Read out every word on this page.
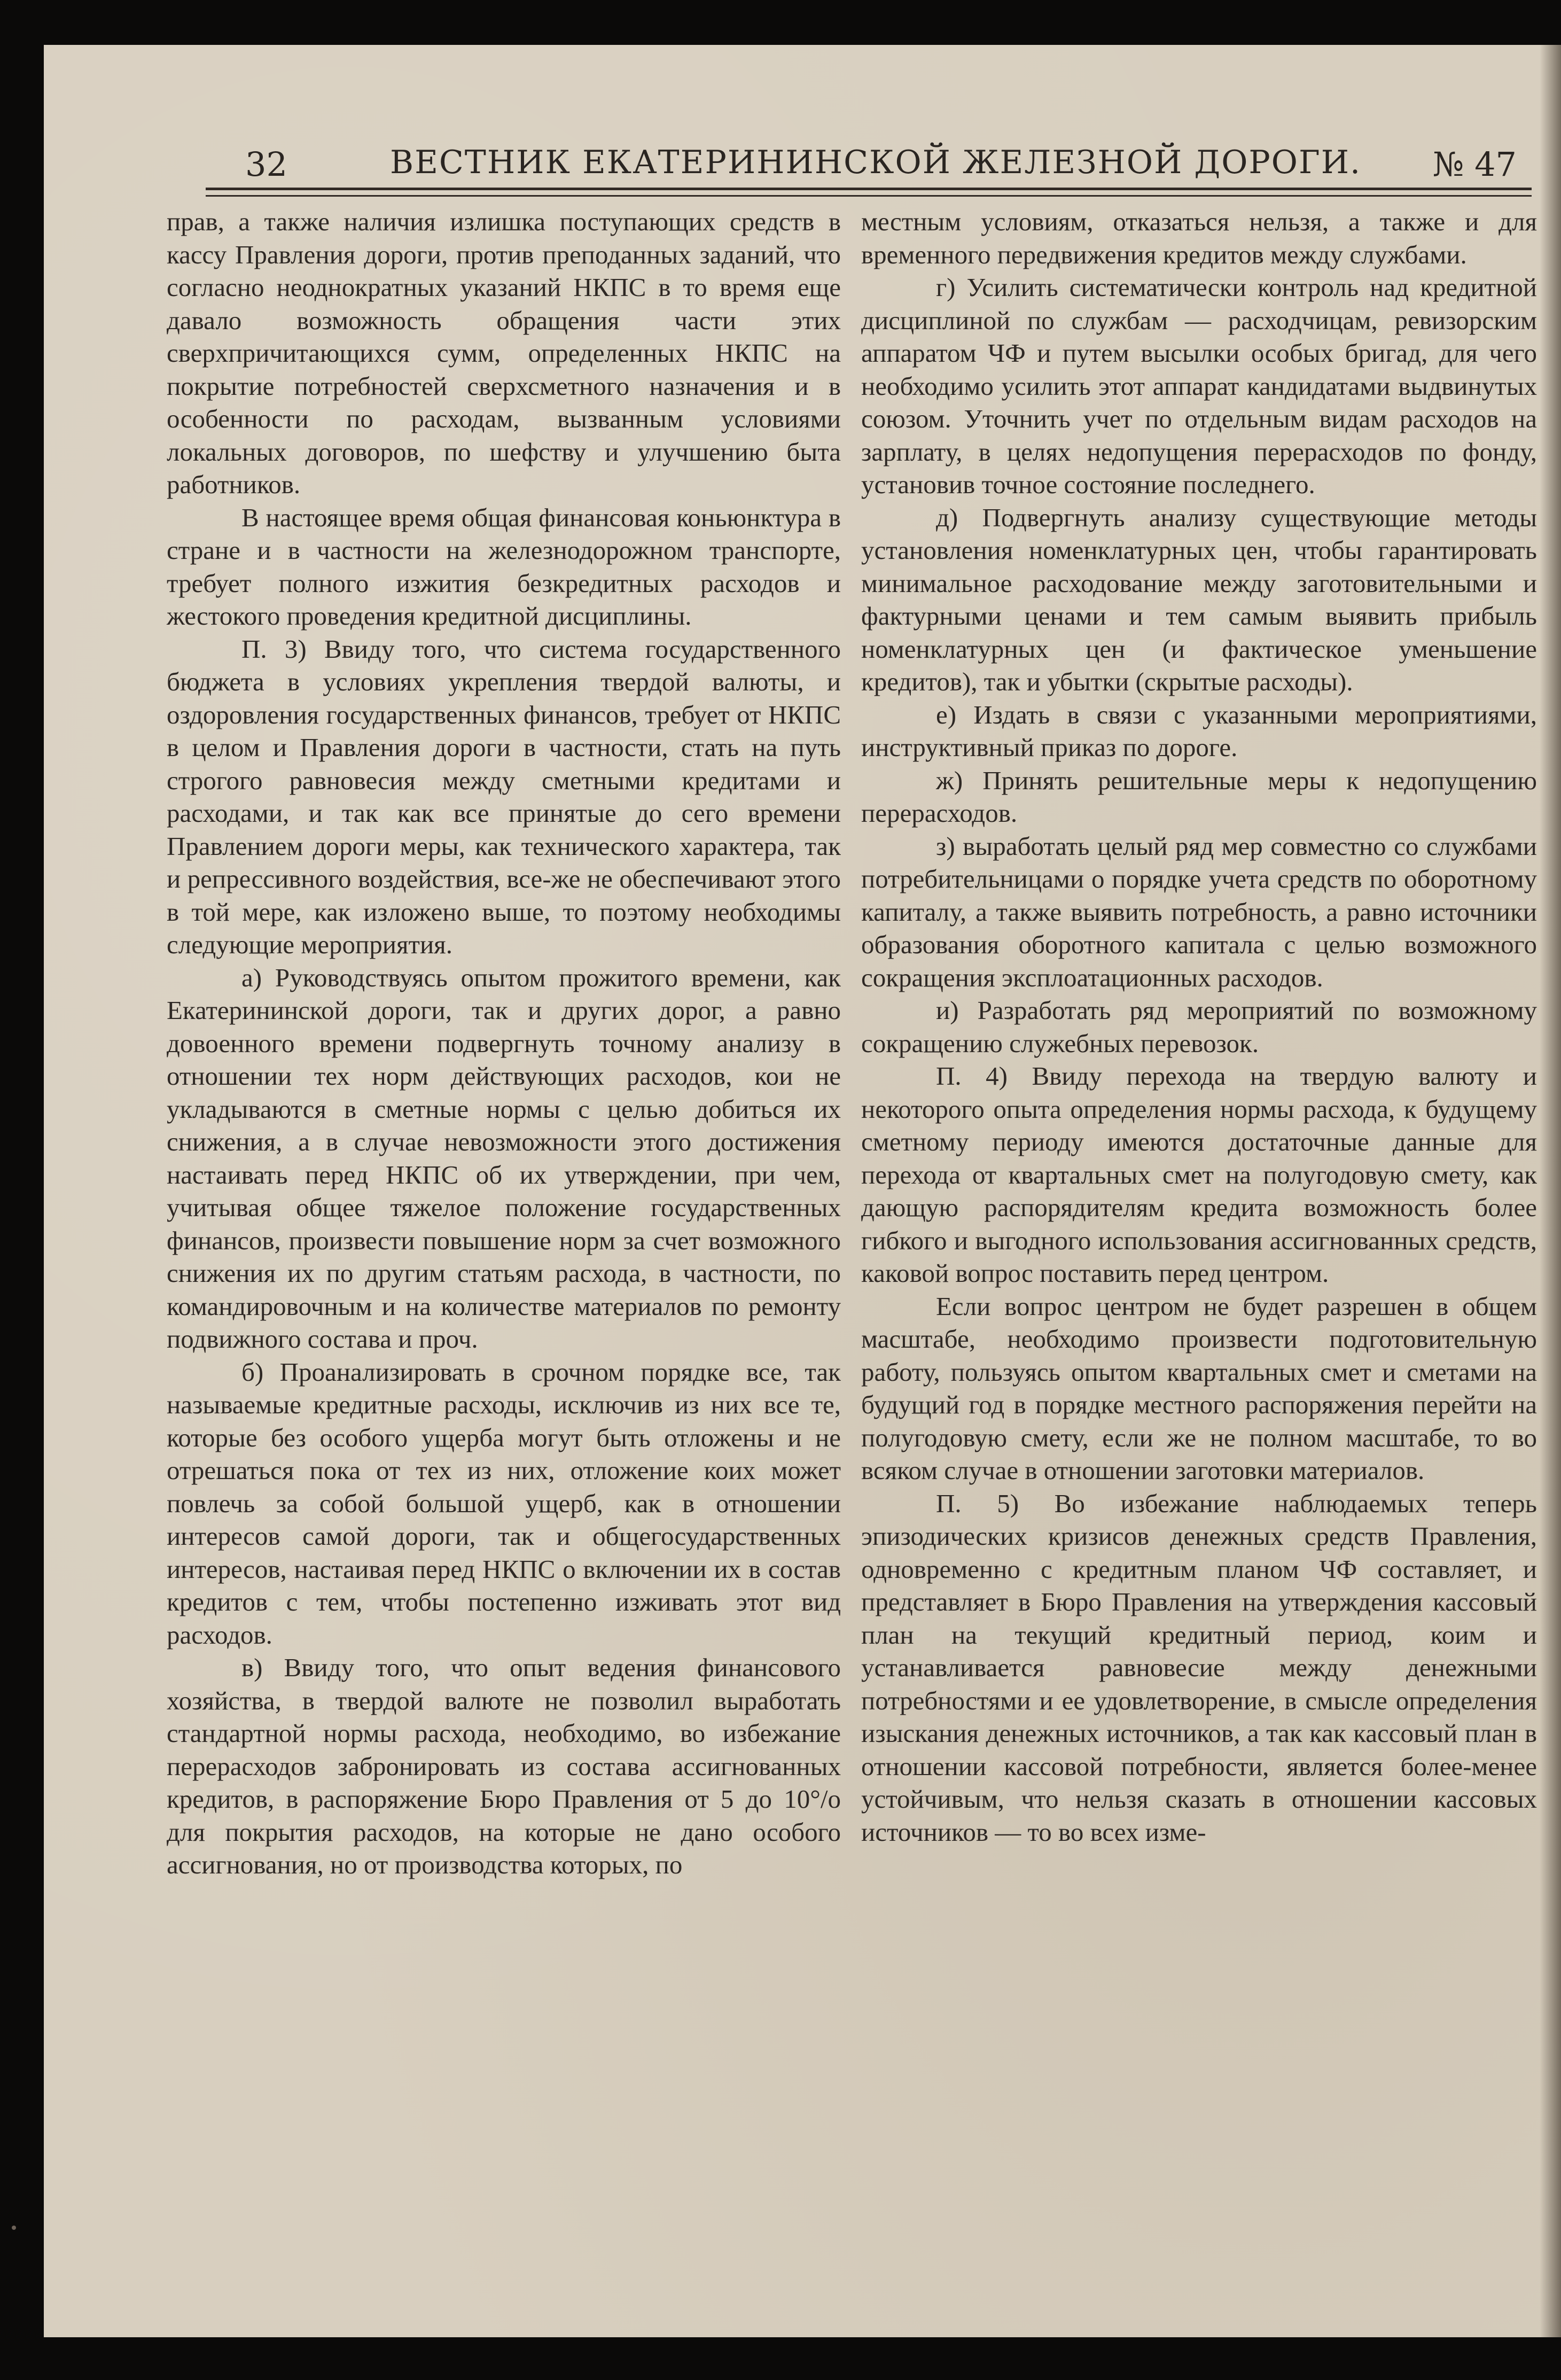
32	ВЕСТНИК ЕКАТЕРИНИНСКОЙ ЖЕЛЕЗНОЙ ДОРОГИ. № 47

прав, а также наличия излишка поступающих средств в кассу Правления дороги, против преподанных заданий, что согласно неоднократных указаний НКПС в то время еще давало возможность обращения части этих сверхпричитающихся сумм, определенных НКПС на покрытие потребностей сверхсметного назначения и в особенности по расходам, вызванным условиями локальных договоров, по шефству и улучшению быта работников.

В настоящее время общая финансовая коньюнктура в стране и в частности на железнодорожном транспорте, требует полного изжития безкредитных расходов и жестокого проведения кредитной дисциплины.

П. 3) Ввиду того, что система государственного бюджета в условиях укрепления твердой валюты, и оздоровления государственных финансов, требует от НКПС в целом и Правления дороги в частности, стать на путь строгого равновесия между сметными кредитами и расходами, и так как все принятые до сего времени Правлением дороги меры, как технического характера, так и репрессивного воздействия, все-же не обеспечивают этого в той мере, как изложено выше, то поэтому необходимы следующие мероприятия.

а) Руководствуясь опытом прожитого времени, как Екатерининской дороги, так и других дорог, а равно довоенного времени подвергнуть точному анализу в отношении тех норм действующих расходов, кои не укладываются в сметные нормы с целью добиться их снижения, а в случае невозможности этого достижения настаивать перед НКПС об их утверждении, при чем, учитывая общее тяжелое положение государственных финансов, произвести повышение норм за счет возможного снижения их по другим статьям расхода, в частности, по командировочным и на количестве материалов по ремонту подвижного состава и проч.

б) Проанализировать в срочном порядке все, так называемые кредитные расходы, исключив из них все те, которые без особого ущерба могут быть отложены и не отрешаться пока от тех из них, отложение коих может повлечь за собой большой ущерб, как в отношении интересов самой дороги, так и общегосударственных интересов, настаивая перед НКПС о включении их в состав кредитов с тем, чтобы постепенно изживать этот вид расходов.

в) Ввиду того, что опыт ведения финансового хозяйства, в твердой валюте не позволил выработать стандартной нормы расхода, необходимо, во избежание перерасходов забронировать из состава ассигнованных кредитов, в распоряжение Бюро Правления от 5 до 10°/о для покрытия расходов, на которые не дано особого ассигнования, но от производства которых, по

местным условиям, отказаться нельзя, а также и для временного передвижения кредитов между службами.

г) Усилить систематически контроль над кредитной дисциплиной по службам — расходчицам, ревизорским аппаратом ЧФ и путем высылки особых бригад, для чего необходимо усилить этот аппарат кандидатами выдвинутых союзом. Уточнить учет по отдельным видам расходов на зарплату, в целях недопущения перерасходов по фонду, установив точное состояние последнего.

д) Подвергнуть анализу существующие методы установления номенклатурных цен, чтобы гарантировать минимальное расходование между заготовительными и фактурными ценами и тем самым выявить прибыль номенклатурных цен (и фактическое уменьшение кредитов), так и убытки (скрытые расходы).

е) Издать в связи с указанными мероприятиями, инструктивный приказ по дороге.

ж) Принять решительные меры к недопущению перерасходов.

з) выработать целый ряд мер совместно со службами потребительницами о порядке учета средств по оборотному капиталу, а также выявить потребность, а равно источники образования оборотного капитала с целью возможного сокращения эксплоатационных расходов.

и) Разработать ряд мероприятий по возможному сокращению служебных перевозок.

П. 4) Ввиду перехода на твердую валюту и некоторого опыта определения нормы расхода, к будущему сметному периоду имеются достаточные данные для перехода от квартальных смет на полугодовую смету, как дающую распорядителям кредита возможность более гибкого и выгодного использования ассигнованных средств, каковой вопрос поставить перед центром.

Если вопрос центром не будет разрешен в общем масштабе, необходимо произвести подготовительную работу, пользуясь опытом квартальных смет и сметами на будущий год в порядке местного распоряжения перейти на полугодовую смету, если же не полном масштабе, то во всяком случае в отношении заготовки материалов.

П. 5) Во избежание наблюдаемых теперь эпизодических кризисов денежных средств Правления, одновременно с кредитным планом ЧФ составляет, и представляет в Бюро Правления на утверждения кассовый план на текущий кредитный период, коим и устанавливается равновесие между денежными потребностями и ее удовлетворение, в смысле определения изыскания денежных источников, а так как кассовый план в отношении кассовой потребности, является более-менее устойчивым, что нельзя сказать в отношении кассовых источников — то во всех изме-
